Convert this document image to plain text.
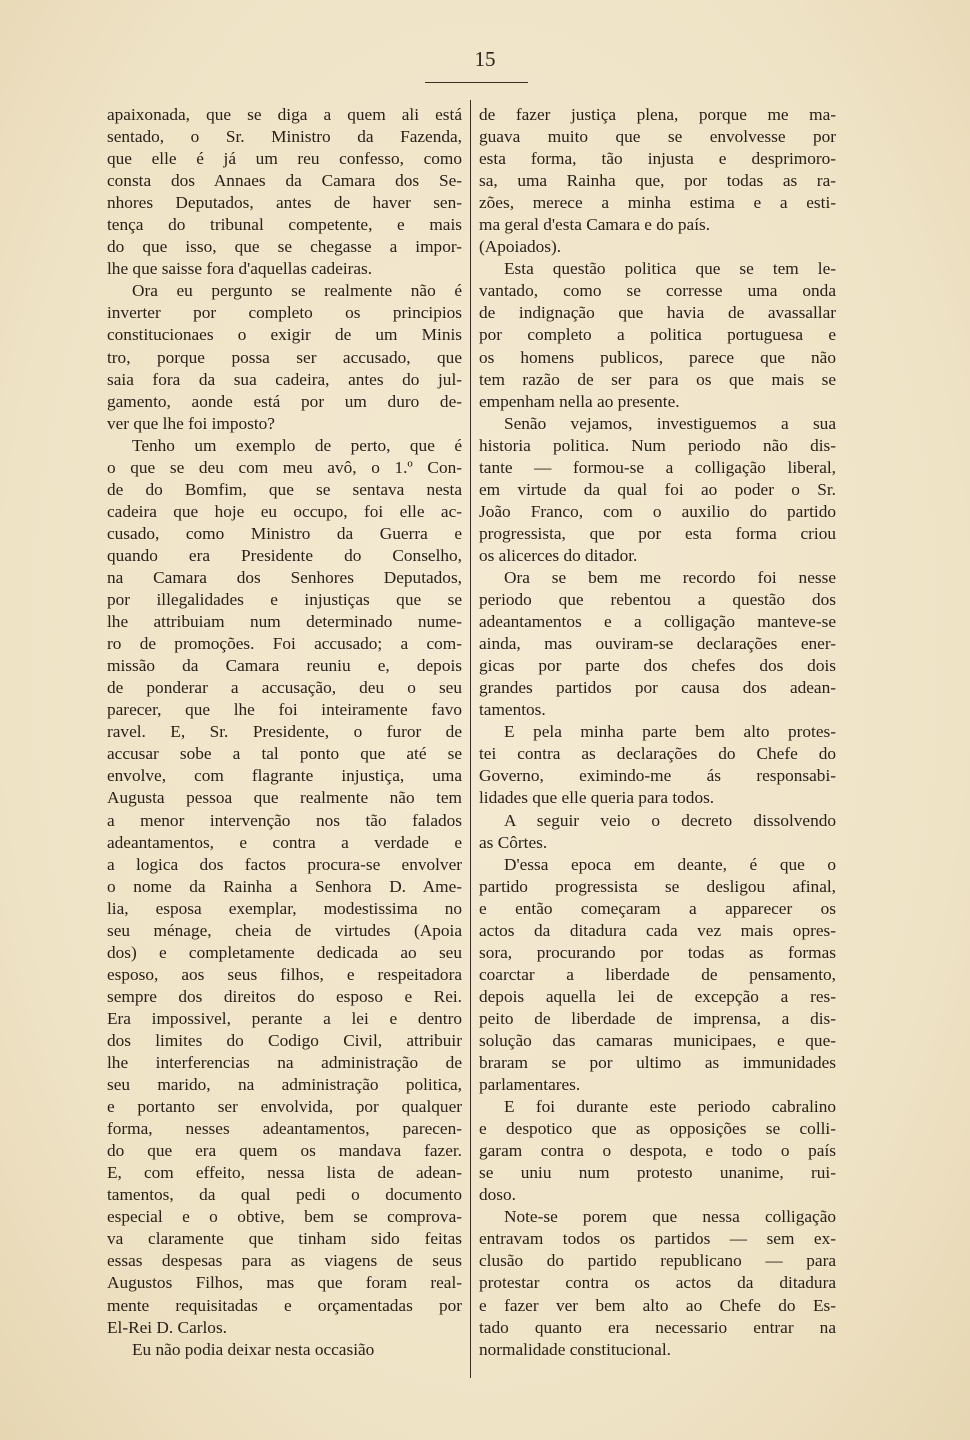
15
apaixonada, que se diga a quem ali está
sentado, o Sr. Ministro da Fazenda,
que elle é já um reu confesso, como
consta dos Annaes da Camara dos Se-
nhores Deputados, antes de haver sen-
tença do tribunal competente, e mais
do que isso, que se chegasse a impor-
lhe que saisse fora d'aquellas cadeiras.
Ora eu pergunto se realmente não é
inverter por completo os principios
constitucionaes o exigir de um Minis
tro, porque possa ser accusado, que
saia fora da sua cadeira, antes do jul-
gamento, aonde está por um duro de-
ver que lhe foi imposto?
Tenho um exemplo de perto, que é
o que se deu com meu avô, o 1.º Con-
de do Bomfim, que se sentava nesta
cadeira que hoje eu occupo, foi elle ac-
cusado, como Ministro da Guerra e
quando era Presidente do Conselho,
na Camara dos Senhores Deputados,
por illegalidades e injustiças que se
lhe attribuiam num determinado nume-
ro de promoções. Foi accusado; a com-
missão da Camara reuniu e, depois
de ponderar a accusação, deu o seu
parecer, que lhe foi inteiramente favo
ravel. E, Sr. Presidente, o furor de
accusar sobe a tal ponto que até se
envolve, com flagrante injustiça, uma
Augusta pessoa que realmente não tem
a menor intervenção nos tão falados
adeantamentos, e contra a verdade e
a logica dos factos procura-se envolver
o nome da Rainha a Senhora D. Ame-
lia, esposa exemplar, modestissima no
seu ménage, cheia de virtudes (Apoia
dos) e completamente dedicada ao seu
esposo, aos seus filhos, e respeitadora
sempre dos direitos do esposo e Rei.
Era impossivel, perante a lei e dentro
dos limites do Codigo Civil, attribuir
lhe interferencias na administração de
seu marido, na administração politica,
e portanto ser envolvida, por qualquer
forma, nesses adeantamentos, parecen-
do que era quem os mandava fazer.
E, com effeito, nessa lista de adean-
tamentos, da qual pedi o documento
especial e o obtive, bem se comprova-
va claramente que tinham sido feitas
essas despesas para as viagens de seus
Augustos Filhos, mas que foram real-
mente requisitadas e orçamentadas por
El-Rei D. Carlos.
Eu não podia deixar nesta occasião
de fazer justiça plena, porque me ma-
guava muito que se envolvesse por
esta forma, tão injusta e desprimoro-
sa, uma Rainha que, por todas as ra-
zões, merece a minha estima e a esti-
ma geral d'esta Camara e do país.
(Apoiados).
Esta questão politica que se tem le-
vantado, como se corresse uma onda
de indignação que havia de avassallar
por completo a politica portuguesa e
os homens publicos, parece que não
tem razão de ser para os que mais se
empenham nella ao presente.
Senão vejamos, investiguemos a sua
historia politica. Num periodo não dis-
tante — formou-se a colligação liberal,
em virtude da qual foi ao poder o Sr.
João Franco, com o auxilio do partido
progressista, que por esta forma criou
os alicerces do ditador.
Ora se bem me recordo foi nesse
periodo que rebentou a questão dos
adeantamentos e a colligação manteve-se
ainda, mas ouviram-se declarações ener-
gicas por parte dos chefes dos dois
grandes partidos por causa dos adean-
tamentos.
E pela minha parte bem alto protes-
tei contra as declarações do Chefe do
Governo, eximindo-me ás responsabi-
lidades que elle queria para todos.
A seguir veio o decreto dissolvendo
as Côrtes.
D'essa epoca em deante, é que o
partido progressista se desligou afinal,
e então começaram a apparecer os
actos da ditadura cada vez mais opres-
sora, procurando por todas as formas
coarctar a liberdade de pensamento,
depois aquella lei de excepção a res-
peito de liberdade de imprensa, a dis-
solução das camaras municipaes, e que-
braram se por ultimo as immunidades
parlamentares.
E foi durante este periodo cabralino
e despotico que as opposições se colli-
garam contra o despota, e todo o país
se uniu num protesto unanime, rui-
doso.
Note-se porem que nessa colligação
entravam todos os partidos — sem ex-
clusão do partido republicano — para
protestar contra os actos da ditadura
e fazer ver bem alto ao Chefe do Es-
tado quanto era necessario entrar na
normalidade constitucional.
